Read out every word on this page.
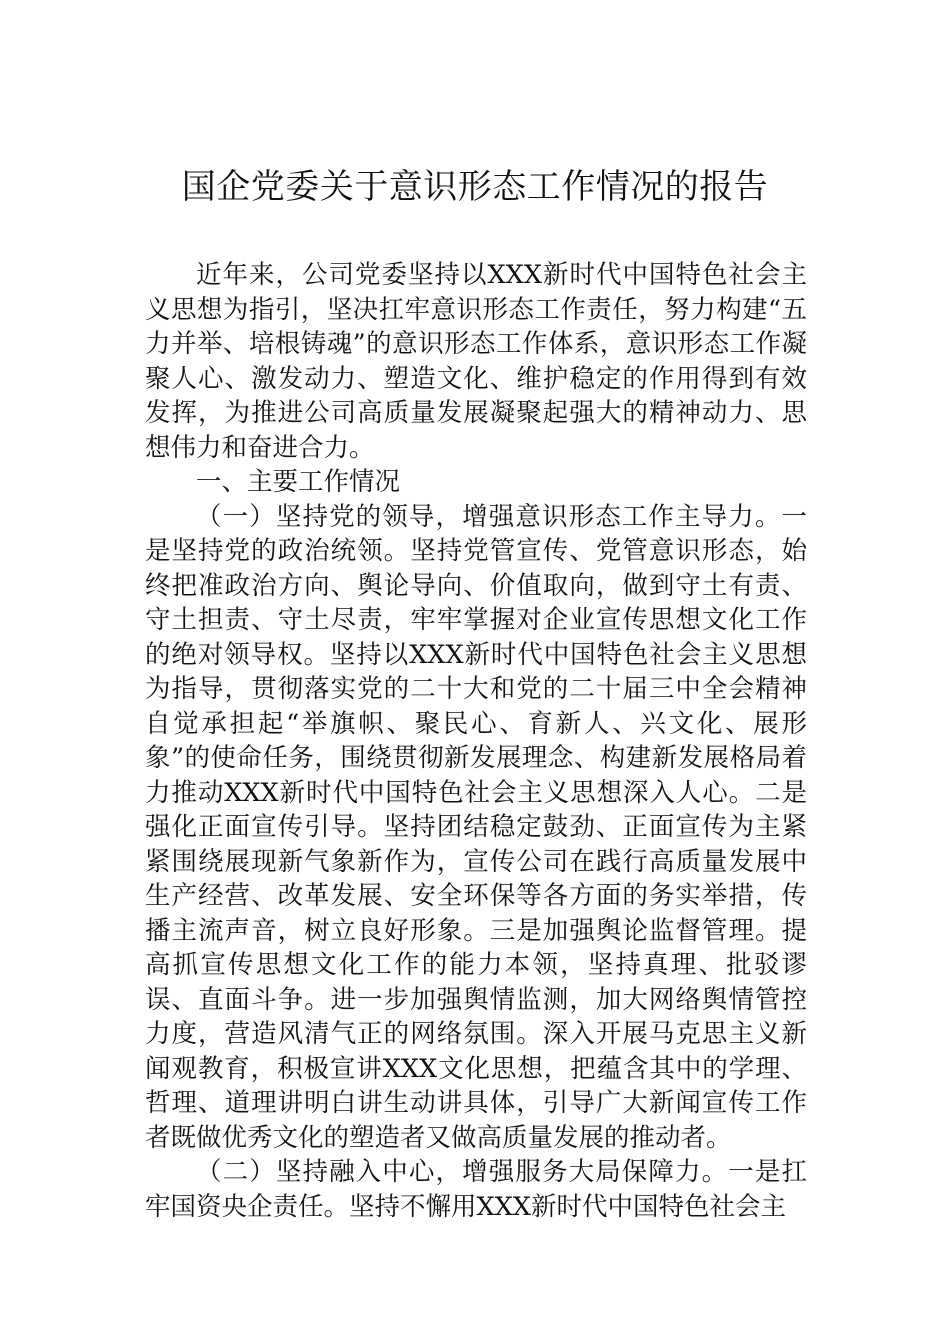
国企党委关于意识形态工作情况的报告

近年来，公司党委坚持以XXX新时代中国特色社会主义思想为指引，坚决扛牢意识形态工作责任，努力构建“五力并举、培根铸魂”的意识形态工作体系，意识形态工作凝聚人心、激发动力、塑造文化、维护稳定的作用得到有效发挥，为推进公司高质量发展凝聚起强大的精神动力、思想伟力和奋进合力。

一、主要工作情况

（一）坚持党的领导，增强意识形态工作主导力。一是坚持党的政治统领。坚持党管宣传、党管意识形态，始终把准政治方向、舆论导向、价值取向，做到守土有责、守土担责、守土尽责，牢牢掌握对企业宣传思想文化工作的绝对领导权。坚持以XXX新时代中国特色社会主义思想为指导，贯彻落实党的二十大和党的二十届三中全会精神自觉承担起“举旗帜、聚民心、育新人、兴文化、展形象”的使命任务，围绕贯彻新发展理念、构建新发展格局着力推动XXX新时代中国特色社会主义思想深入人心。二是强化正面宣传引导。坚持团结稳定鼓劲、正面宣传为主紧紧围绕展现新气象新作为，宣传公司在践行高质量发展中生产经营、改革发展、安全环保等各方面的务实举措，传播主流声音，树立良好形象。三是加强舆论监督管理。提高抓宣传思想文化工作的能力本领，坚持真理、批驳谬误、直面斗争。进一步加强舆情监测，加大网络舆情管控力度，营造风清气正的网络氛围。深入开展马克思主义新闻观教育，积极宣讲XXX文化思想，把蕴含其中的学理、哲理、道理讲明白讲生动讲具体，引导广大新闻宣传工作者既做优秀文化的塑造者又做高质量发展的推动者。

（二）坚持融入中心，增强服务大局保障力。一是扛牢国资央企责任。坚持不懈用XXX新时代中国特色社会主
